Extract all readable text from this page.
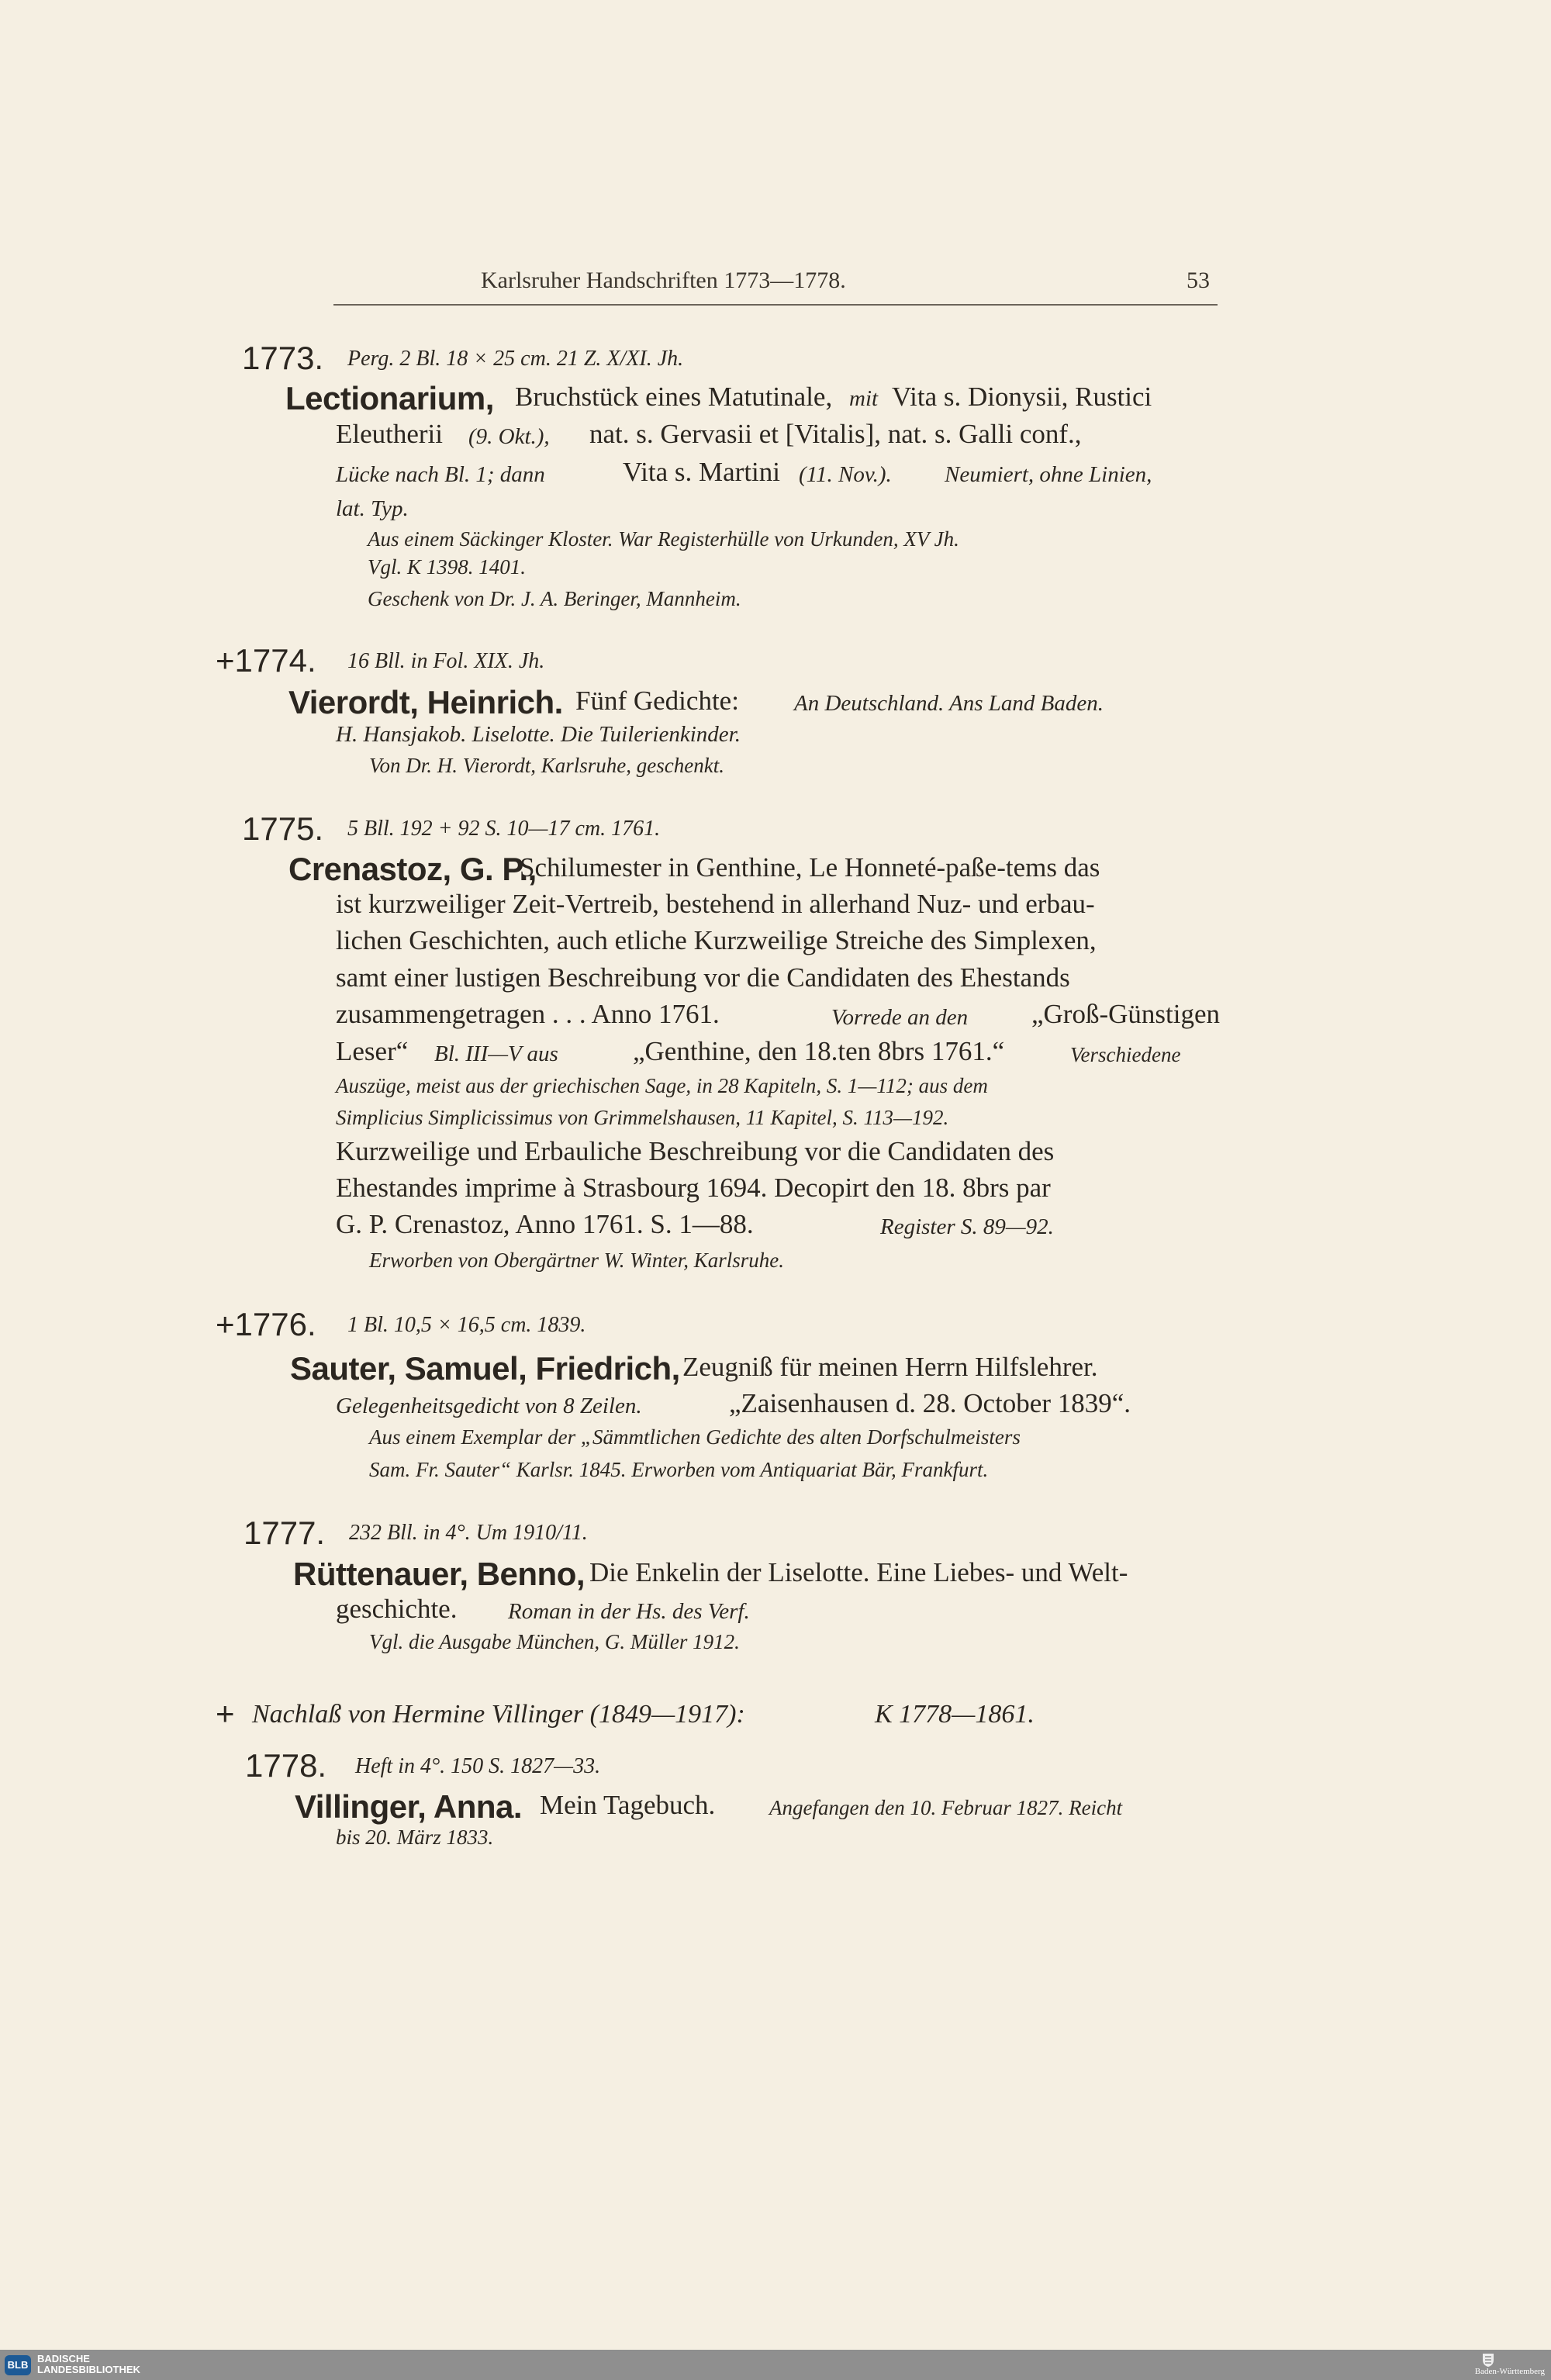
Karlsruher Handschriften 1773—1778.	53
1773. Perg. 2 Bl. 18 × 25 cm. 21 Z. X/XI. Jh.
Lectionarium, Bruchstück eines Matutinale, mit Vita s. Dionysii, Rustici
Eleutherii (9. Okt.), nat. s. Gervasii et [Vitalis], nat. s. Galli conf.,
Lücke nach Bl. 1; dann	Vita s. Martini (11. Nov.). Neumiert, ohne Linien,
lat. Typ.
Aus einem Säckinger Kloster. War Registerhülle von Urkunden, XV Jh.
Vgl. K 1398. 1401.
Geschenk von Dr. J. A. Beringer, Mannheim.
+1774. 16 Bll. in Fol. XIX. Jh.
Vierordt, Heinrich. Fünf Gedichte: An Deutschland. Ans Land Baden.
H. Hansjakob. Liselotte. Die Tuilerienkinder.
Von Dr. H. Vierordt, Karlsruhe, geschenkt.
1775. 5 Bll. 192 + 92 S. 10—17 cm. 1761.
Crenastoz, G. P.,
Schilumester in Genthine, Le Honneté-paße-tems das
ist kurzweiliger Zeit-Vertreib, bestehend in allerhand Nuz- und erbau-
lichen Geschichten, auch etliche Kurzweilige Streiche des Simplexen,
samt einer lustigen Beschreibung vor die Candidaten des Ehestands
zusammengetragen . . . Anno 1761.	Vorrede an den „Groß-Günstigen
Leser“ Bl. III—V aus	„Genthine, den 18.ten 8brs 1761.“	Verschiedene
Auszüge, meist aus der griechischen Sage, in 28 Kapiteln, S. 1—112; aus dem
Simplicius Simplicissimus von Grimmelshausen, 11 Kapitel, S. 113—192.
Kurzweilige und Erbauliche Beschreibung vor die Candidaten des
Ehestandes imprime à Strasbourg 1694. Decopirt den 18. 8brs par
G. P. Crenastoz, Anno 1761. S. 1—88.	Register S. 89—92.
Erworben von Obergärtner W. Winter, Karlsruhe.
+1776. 1 Bl. 10,5 × 16,5 cm. 1839.
Sauter, Samuel, Friedrich, Zeugniß für meinen Herrn Hilfslehrer.
Gelegenheitsgedicht von 8 Zeilen.	„Zaisenhausen d. 28. October 1839“.
Aus einem Exemplar der „Sämmtlichen Gedichte des alten Dorfschulmeisters
Sam. Fr. Sauter“ Karlsr. 1845. Erworben vom Antiquariat Bär, Frankfurt.
1777. 232 Bll. in 4°. Um 1910/11.
Rüttenauer, Benno, Die Enkelin der Liselotte. Eine Liebes- und Welt-
geschichte. Roman in der Hs. des Verf.
Vgl. die Ausgabe München, G. Müller 1912.
+ Nachlaß von Hermine Villinger (1849—1917):	K 1778—1861.
1778. Heft in 4°. 150 S. 1827—33.
Villinger, Anna. Mein Tagebuch.	Angefangen den 10. Februar 1827. Reicht
bis 20. März 1833.
BLB
BADISCHE
LANDESBIBLIOTHEK	Baden-Württemberg
